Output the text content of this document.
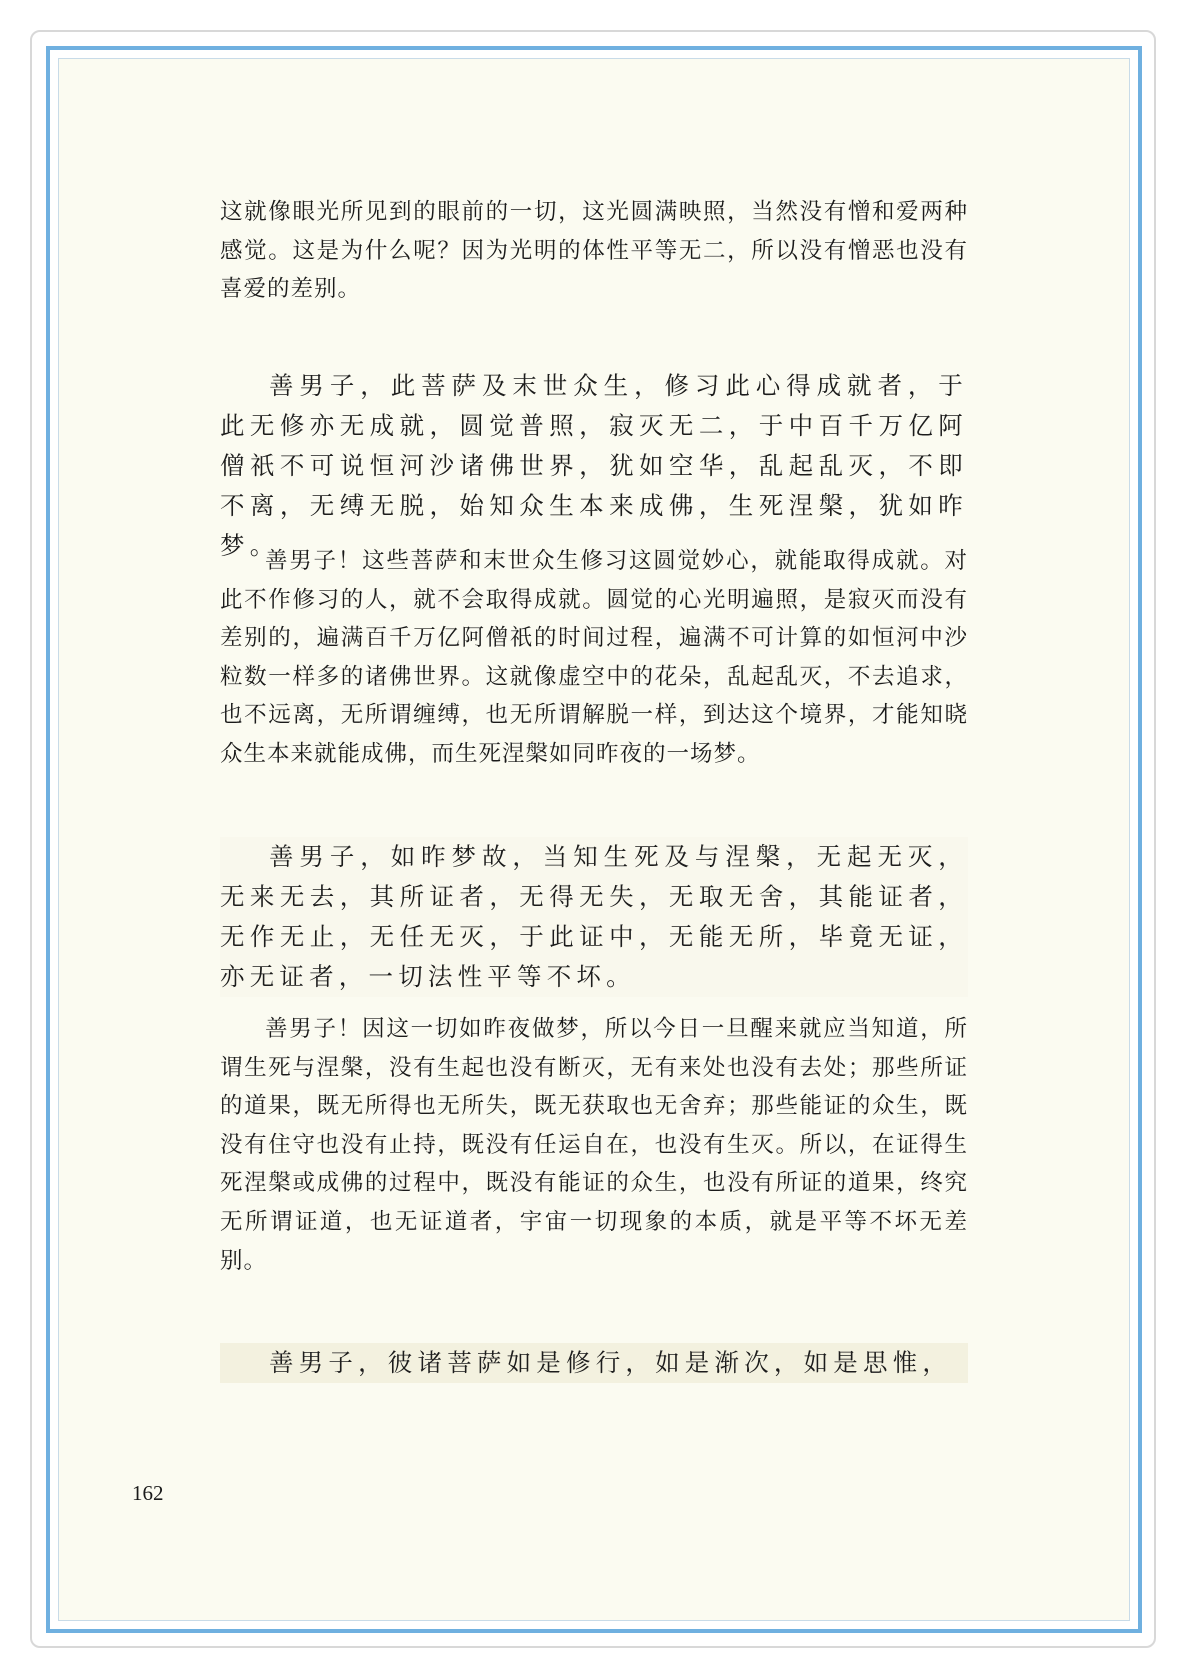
这就像眼光所见到的眼前的一切，这光圆满映照，当然没有憎和爱两种感觉。这是为什么呢？因为光明的体性平等无二，所以没有憎恶也没有喜爱的差别。

善男子，此菩萨及末世众生，修习此心得成就者，于此无修亦无成就，圆觉普照，寂灭无二，于中百千万亿阿僧祇不可说恒河沙诸佛世界，犹如空华，乱起乱灭，不即不离，无缚无脱，始知众生本来成佛，生死涅槃，犹如昨梦。

善男子！这些菩萨和末世众生修习这圆觉妙心，就能取得成就。对此不作修习的人，就不会取得成就。圆觉的心光明遍照，是寂灭而没有差别的，遍满百千万亿阿僧祇的时间过程，遍满不可计算的如恒河中沙粒数一样多的诸佛世界。这就像虚空中的花朵，乱起乱灭，不去追求，也不远离，无所谓缠缚，也无所谓解脱一样，到达这个境界，才能知晓众生本来就能成佛，而生死涅槃如同昨夜的一场梦。

善男子，如昨梦故，当知生死及与涅槃，无起无灭，无来无去，其所证者，无得无失，无取无舍，其能证者，无作无止，无任无灭，于此证中，无能无所，毕竟无证，亦无证者，一切法性平等不坏。

善男子！因这一切如昨夜做梦，所以今日一旦醒来就应当知道，所谓生死与涅槃，没有生起也没有断灭，无有来处也没有去处；那些所证的道果，既无所得也无所失，既无获取也无舍弃；那些能证的众生，既没有住守也没有止持，既没有任运自在，也没有生灭。所以，在证得生死涅槃或成佛的过程中，既没有能证的众生，也没有所证的道果，终究无所谓证道，也无证道者，宇宙一切现象的本质，就是平等不坏无差别。

善男子，彼诸菩萨如是修行，如是渐次，如是思惟，

162
